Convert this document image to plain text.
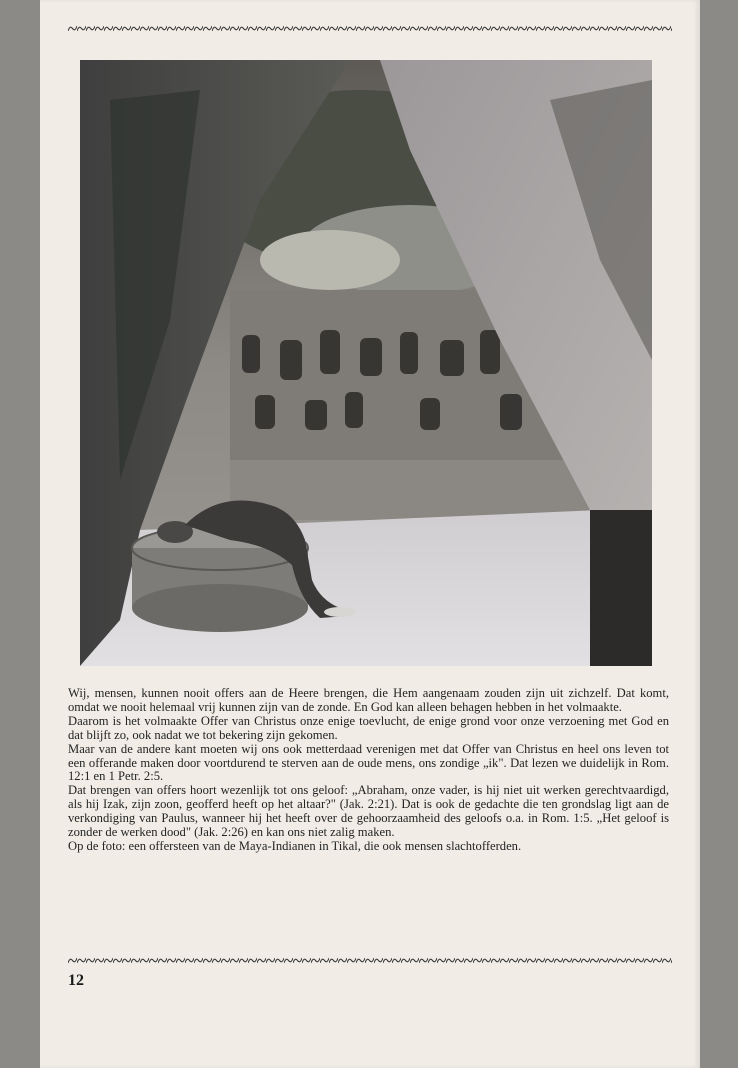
Wij, mensen, kunnen nooit offers aan de Heere brengen, die Hem aangenaam zouden zijn uit zichzelf. Dat komt, omdat we nooit helemaal vrij kunnen zijn van de zonde. En God kan alleen behagen hebben in het volmaakte.

Daarom is het volmaakte Offer van Christus onze enige toevlucht, de enige grond voor onze verzoening met God en dat blijft zo, ook nadat we tot bekering zijn gekomen.

Maar van de andere kant moeten wij ons ook metterdaad verenigen met dat Offer van Christus en heel ons leven tot een offerande maken door voortdurend te sterven aan de oude mens, ons zondige „ik". Dat lezen we duidelijk in Rom. 12:1 en 1 Petr. 2:5.

Dat brengen van offers hoort wezenlijk tot ons geloof: „Abraham, onze vader, is hij niet uit werken gerechtvaardigd, als hij Izak, zijn zoon, geofferd heeft op het altaar?" (Jak. 2:21). Dat is ook de gedachte die ten grondslag ligt aan de verkondiging van Paulus, wanneer hij het heeft over de gehoorzaamheid des geloofs o.a. in Rom. 1:5. „Het geloof is zonder de werken dood" (Jak. 2:26) en kan ons niet zalig maken.

Op de foto: een offersteen van de Maya-Indianen in Tikal, die ook mensen slachtofferden.

12
